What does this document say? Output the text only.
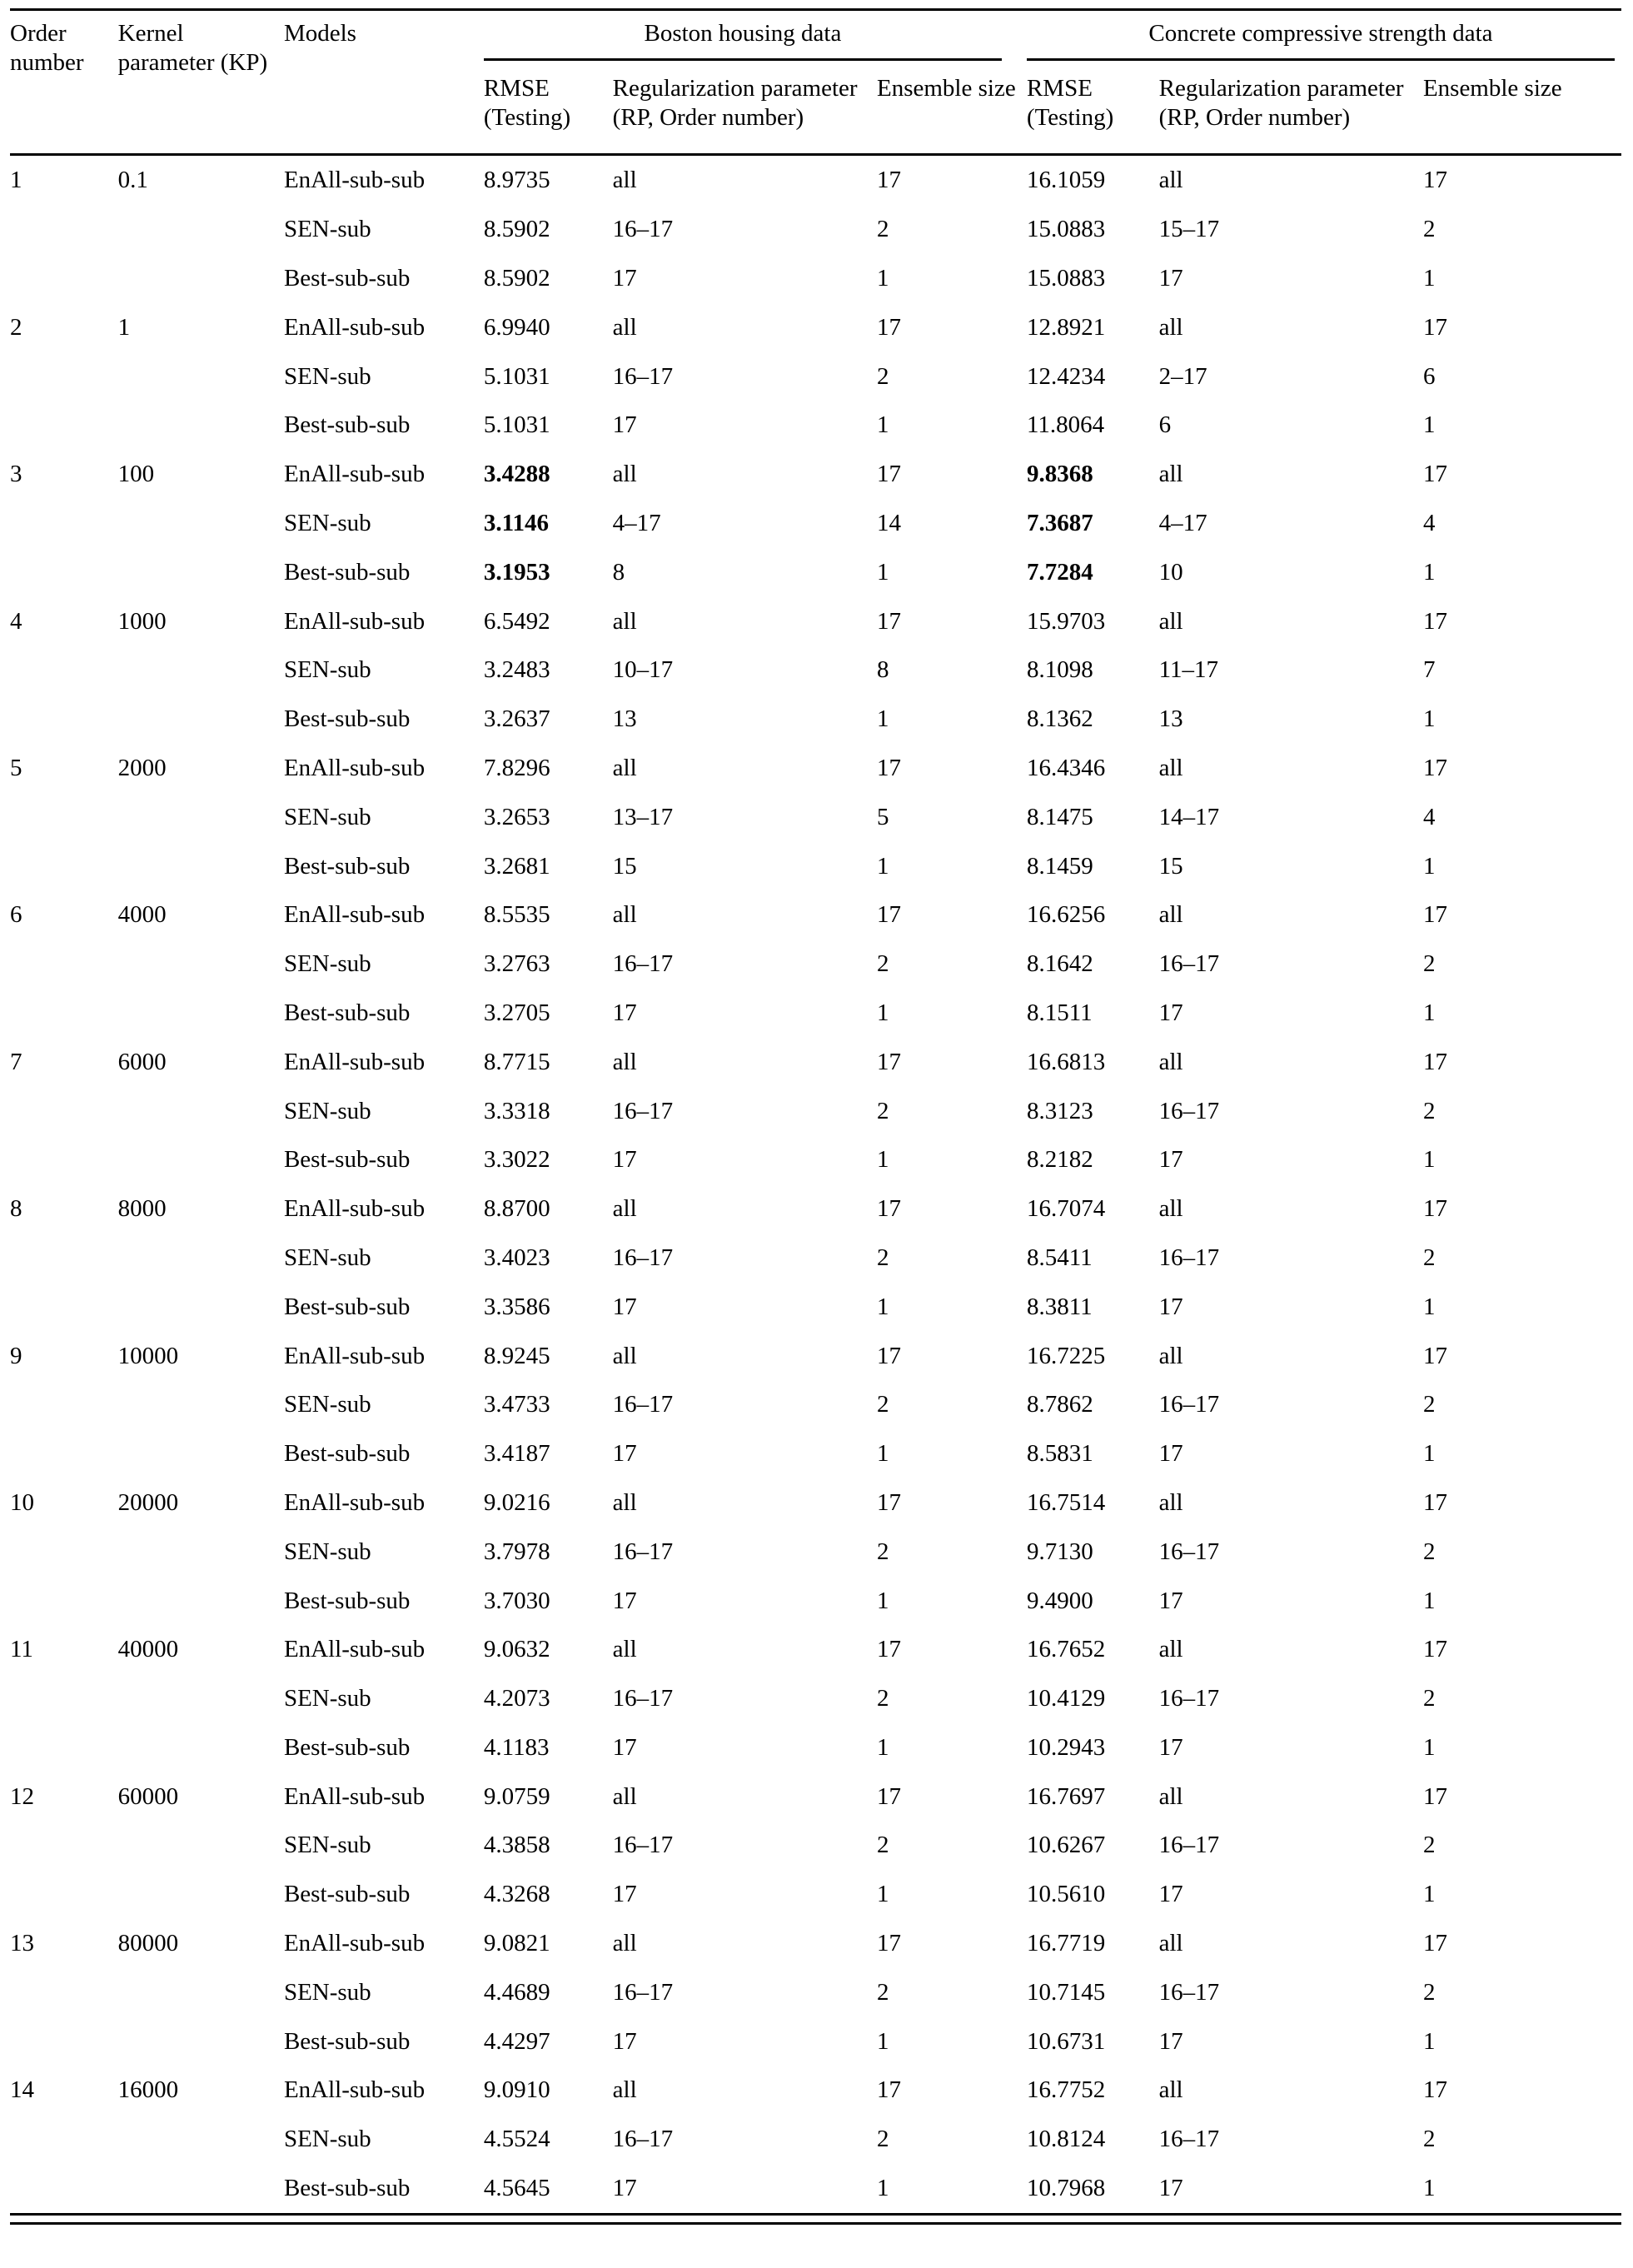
Order number	Kernel parameter (KP)	Models	Boston housing data			Concrete compressive strength data		

			RMSE (Testing)	Regularization parameter (RP, Order number)	Ensemble size	RMSE (Testing)	Regularization parameter (RP, Order number)	Ensemble size
1	0.1	EnAll-sub-sub	8.9735	all	17	16.1059	all	17
		SEN-sub	8.5902	16–17	2	15.0883	15–17	2
		Best-sub-sub	8.5902	17	1	15.0883	17	1
2	1	EnAll-sub-sub	6.9940	all	17	12.8921	all	17
		SEN-sub	5.1031	16–17	2	12.4234	2–17	6
		Best-sub-sub	5.1031	17	1	11.8064	6	1
3	100	EnAll-sub-sub	3.4288	all	17	9.8368	all	17
		SEN-sub	3.1146	4–17	14	7.3687	4–17	4
		Best-sub-sub	3.1953	8	1	7.7284	10	1
4	1000	EnAll-sub-sub	6.5492	all	17	15.9703	all	17
		SEN-sub	3.2483	10–17	8	8.1098	11–17	7
		Best-sub-sub	3.2637	13	1	8.1362	13	1
5	2000	EnAll-sub-sub	7.8296	all	17	16.4346	all	17
		SEN-sub	3.2653	13–17	5	8.1475	14–17	4
		Best-sub-sub	3.2681	15	1	8.1459	15	1
6	4000	EnAll-sub-sub	8.5535	all	17	16.6256	all	17
		SEN-sub	3.2763	16–17	2	8.1642	16–17	2
		Best-sub-sub	3.2705	17	1	8.1511	17	1
7	6000	EnAll-sub-sub	8.7715	all	17	16.6813	all	17
		SEN-sub	3.3318	16–17	2	8.3123	16–17	2
		Best-sub-sub	3.3022	17	1	8.2182	17	1
8	8000	EnAll-sub-sub	8.8700	all	17	16.7074	all	17
		SEN-sub	3.4023	16–17	2	8.5411	16–17	2
		Best-sub-sub	3.3586	17	1	8.3811	17	1
9	10000	EnAll-sub-sub	8.9245	all	17	16.7225	all	17
		SEN-sub	3.4733	16–17	2	8.7862	16–17	2
		Best-sub-sub	3.4187	17	1	8.5831	17	1
10	20000	EnAll-sub-sub	9.0216	all	17	16.7514	all	17
		SEN-sub	3.7978	16–17	2	9.7130	16–17	2
		Best-sub-sub	3.7030	17	1	9.4900	17	1
11	40000	EnAll-sub-sub	9.0632	all	17	16.7652	all	17
		SEN-sub	4.2073	16–17	2	10.4129	16–17	2
		Best-sub-sub	4.1183	17	1	10.2943	17	1
12	60000	EnAll-sub-sub	9.0759	all	17	16.7697	all	17
		SEN-sub	4.3858	16–17	2	10.6267	16–17	2
		Best-sub-sub	4.3268	17	1	10.5610	17	1
13	80000	EnAll-sub-sub	9.0821	all	17	16.7719	all	17
		SEN-sub	4.4689	16–17	2	10.7145	16–17	2
		Best-sub-sub	4.4297	17	1	10.6731	17	1
14	16000	EnAll-sub-sub	9.0910	all	17	16.7752	all	17
		SEN-sub	4.5524	16–17	2	10.8124	16–17	2
		Best-sub-sub	4.5645	17	1	10.7968	17	1
